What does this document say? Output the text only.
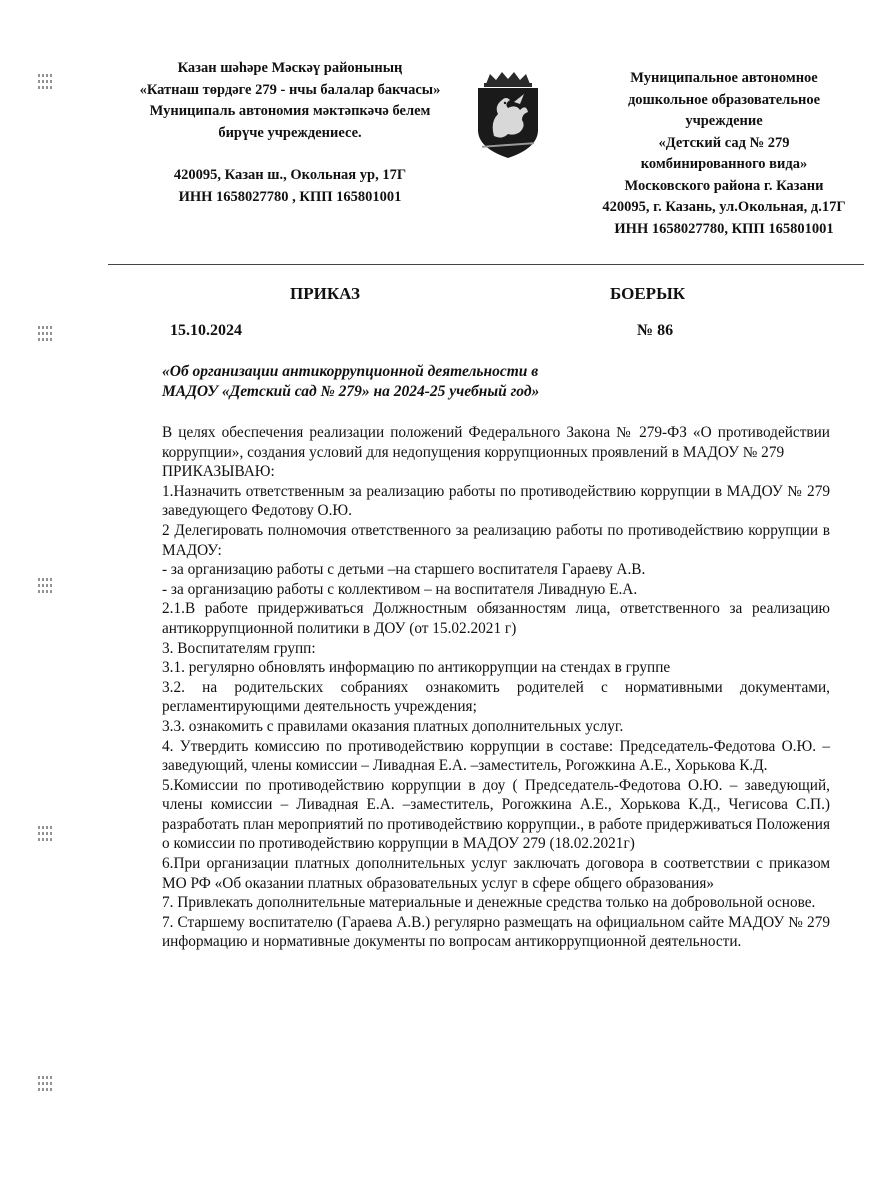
Казан шәһәре Мәскәү районының
«Катнаш төрдәге 279 - нчы балалар бакчасы»
Муниципаль автономия мәктәпкәчә белем
бирүче учреждениесе.
420095, Казан ш., Окольная ур, 17Г
ИНН 1658027780 , КПП 165801001
Муниципальное автономное
дошкольное образовательное
учреждение
«Детский сад № 279
комбинированного вида»
Московского района г. Казани
420095, г. Казань, ул.Окольная, д.17Г
ИНН 1658027780, КПП 165801001
ПРИКАЗ	БОЕРЫК
15.10.2024	№ 86
«Об организации антикоррупционной деятельности в
МАДОУ «Детский сад № 279» на 2024-25 учебный год»

В целях обеспечения реализации положений Федерального Закона № 279-ФЗ «О противодействии коррупции», создания условий для недопущения коррупционных проявлений в МАДОУ № 279

ПРИКАЗЫВАЮ:

1.Назначить ответственным за реализацию работы по противодействию коррупции в МАДОУ № 279 заведующего Федотову О.Ю.

2 Делегировать полномочия ответственного за реализацию работы по противодействию коррупции в МАДОУ:

- за организацию работы с детьми –на старшего воспитателя Гараеву А.В.

- за организацию работы с коллективом – на воспитателя Ливадную Е.А.

2.1.В работе придерживаться Должностным обязанностям лица, ответственного за реализацию антикоррупционной политики в ДОУ (от 15.02.2021 г)

3. Воспитателям групп:

3.1. регулярно обновлять информацию по антикоррупции на стендах в группе

3.2. на родительских собраниях ознакомить родителей с нормативными документами, регламентирующими деятельность учреждения;

3.3. ознакомить с правилами оказания платных дополнительных услуг.

4. Утвердить комиссию по противодействию коррупции в составе: Председатель-Федотова О.Ю. –заведующий, члены комиссии – Ливадная Е.А. –заместитель, Рогожкина А.Е., Хорькова К.Д.

5.Комиссии по противодействию коррупции в доу ( Председатель-Федотова О.Ю. – заведующий, члены комиссии – Ливадная Е.А. –заместитель, Рогожкина А.Е., Хорькова К.Д., Чегисова С.П.) разработать план мероприятий по противодействию коррупции., в работе придерживаться Положения о комиссии по противодействию коррупции в МАДОУ 279 (18.02.2021г)

6.При организации платных дополнительных услуг заключать договора в соответствии с приказом МО РФ «Об оказании платных образовательных услуг в сфере общего образования»

7. Привлекать дополнительные материальные и денежные средства только на добровольной основе.

7. Старшему воспитателю (Гараева А.В.) регулярно размещать на официальном сайте МАДОУ № 279 информацию и нормативные документы по вопросам антикоррупционной деятельности.
